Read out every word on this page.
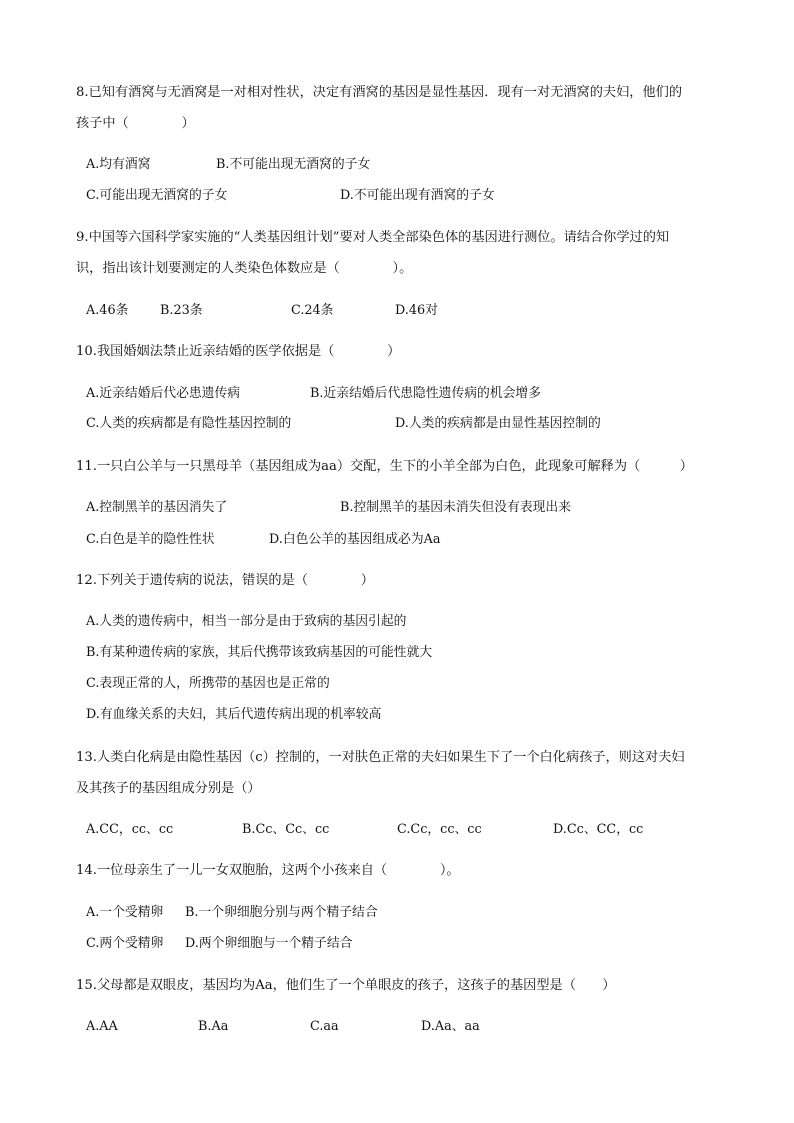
8.已知有酒窝与无酒窝是一对相对性状，决定有酒窝的基因是显性基因．现有一对无酒窝的夫妇，他们的
孩子中（　　　　）
A.均有酒窝	B.不可能出现无酒窝的子女
C.可能出现无酒窝的子女	D.不可能出现有酒窝的子女
9.中国等六国科学家实施的“人类基因组计划”要对人类全部染色体的基因进行测位。请结合你学过的知
识，指出该计划要测定的人类染色体数应是（　　　　）。
A.46条 B.23条	C.24条	D.46对
10.我国婚姻法禁止近亲结婚的医学依据是（　　　　）
A.近亲结婚后代必患遗传病	B.近亲结婚后代患隐性遗传病的机会增多
C.人类的疾病都是有隐性基因控制的	D.人类的疾病都是由显性基因控制的
11.一只白公羊与一只黑母羊（基因组成为aa）交配，生下的小羊全部为白色，此现象可解释为（　　　）
A.控制黑羊的基因消失了	B.控制黑羊的基因未消失但没有表现出来
C.白色是羊的隐性性状	D.白色公羊的基因组成必为Aa
12.下列关于遗传病的说法，错误的是（　　　　）
A.人类的遗传病中，相当一部分是由于致病的基因引起的
B.有某种遗传病的家族，其后代携带该致病基因的可能性就大
C.表现正常的人，所携带的基因也是正常的
D.有血缘关系的夫妇，其后代遗传病出现的机率较高
13.人类白化病是由隐性基因（c）控制的，一对肤色正常的夫妇如果生下了一个白化病孩子，则这对夫妇
及其孩子的基因组成分别是（）
A.CC，cc、cc	B.Cc、Cc、cc	C.Cc，cc、cc	D.Cc、CC，cc
14.一位母亲生了一儿一女双胞胎，这两个小孩来自（　　　　）。
A.一个受精卵 B.一个卵细胞分别与两个精子结合
C.两个受精卵 D.两个卵细胞与一个精子结合
15.父母都是双眼皮，基因均为Aa，他们生了一个单眼皮的孩子，这孩子的基因型是（　　）
A.AA	B.Aa	C.aa	D.Aa、aa
